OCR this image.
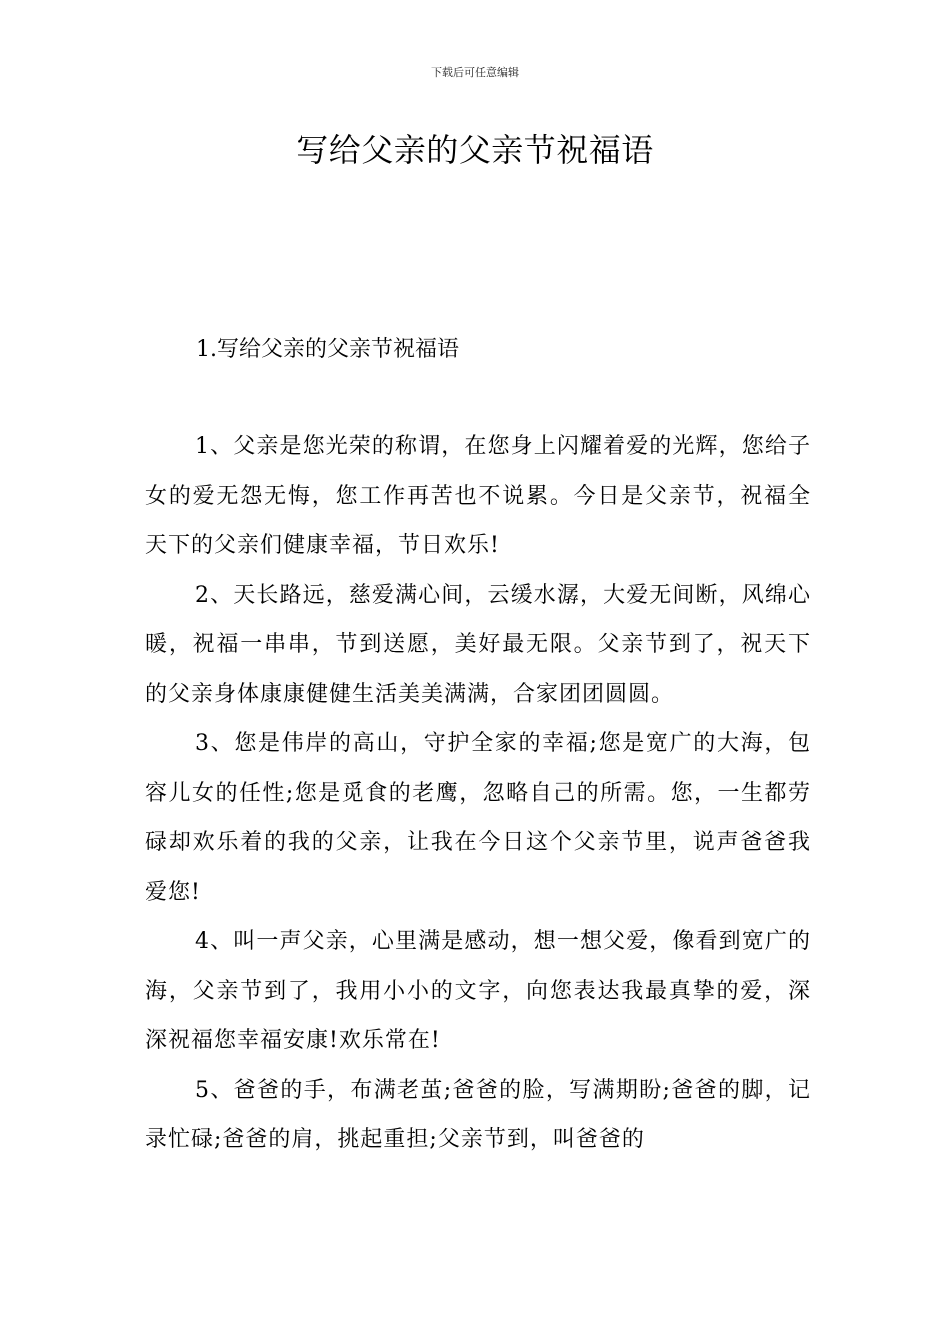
下载后可任意编辑
写给父亲的父亲节祝福语
1.写给父亲的父亲节祝福语

1、父亲是您光荣的称谓，在您身上闪耀着爱的光辉，您给子女的爱无怨无悔，您工作再苦也不说累。今日是父亲节，祝福全天下的父亲们健康幸福，节日欢乐!

2、天长路远，慈爱满心间，云缓水潺，大爱无间断，风绵心暖，祝福一串串，节到送愿，美好最无限。父亲节到了，祝天下的父亲身体康康健健生活美美满满，合家团团圆圆。

3、您是伟岸的高山，守护全家的幸福;您是宽广的大海，包容儿女的任性;您是觅食的老鹰，忽略自己的所需。您，一生都劳碌却欢乐着的我的父亲，让我在今日这个父亲节里，说声爸爸我爱您!

4、叫一声父亲，心里满是感动，想一想父爱，像看到宽广的海，父亲节到了，我用小小的文字，向您表达我最真挚的爱，深深祝福您幸福安康!欢乐常在!

5、爸爸的手，布满老茧;爸爸的脸，写满期盼;爸爸的脚，记录忙碌;爸爸的肩，挑起重担;父亲节到，叫爸爸的
